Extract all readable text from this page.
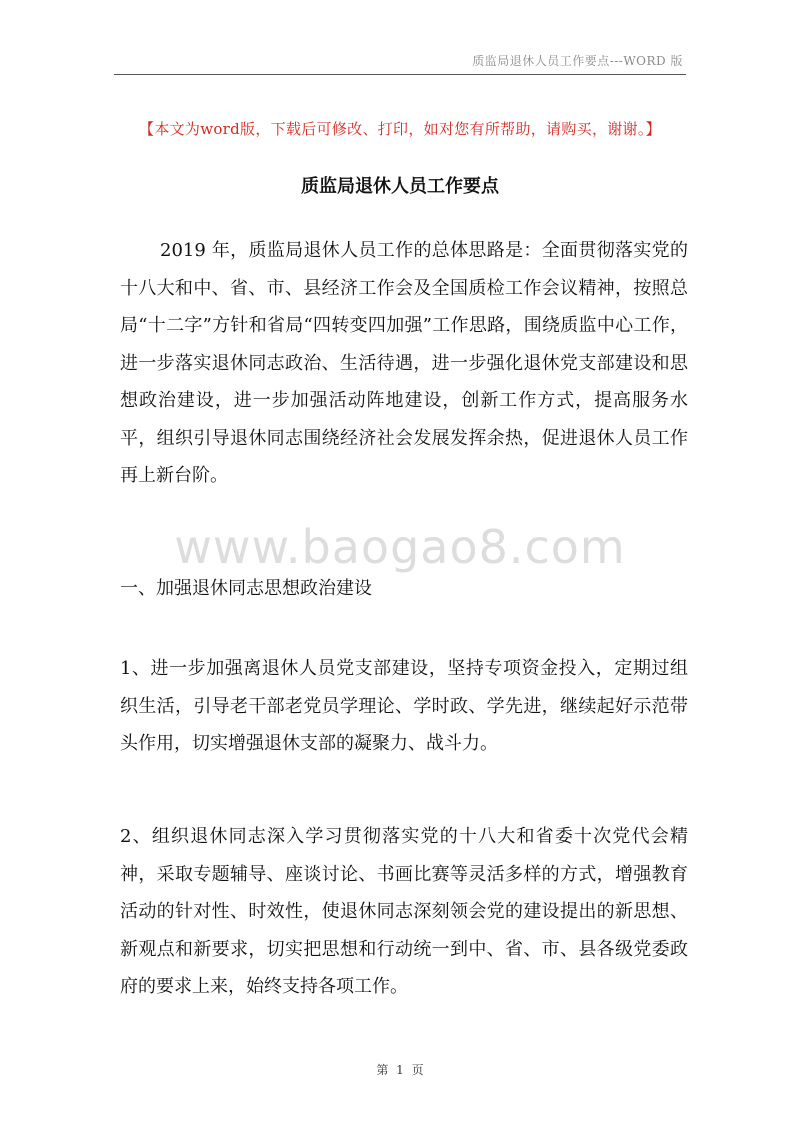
质监局退休人员工作要点---WORD 版
【本文为word版，下载后可修改、打印，如对您有所帮助，请购买，谢谢。】
质监局退休人员工作要点
2019 年，质监局退休人员工作的总体思路是：全面贯彻落实党的十八大和中、省、市、县经济工作会及全国质检工作会议精神，按照总局“十二字”方针和省局“四转变四加强”工作思路，围绕质监中心工作，进一步落实退休同志政治、生活待遇，进一步强化退休党支部建设和思想政治建设，进一步加强活动阵地建设，创新工作方式，提高服务水平，组织引导退休同志围绕经济社会发展发挥余热，促进退休人员工作再上新台阶。
www.baogao8.com
一、加强退休同志思想政治建设
1、进一步加强离退休人员党支部建设，坚持专项资金投入，定期过组织生活，引导老干部老党员学理论、学时政、学先进，继续起好示范带头作用，切实增强退休支部的凝聚力、战斗力。
2、组织退休同志深入学习贯彻落实党的十八大和省委十次党代会精神，采取专题辅导、座谈讨论、书画比赛等灵活多样的方式，增强教育活动的针对性、时效性，使退休同志深刻领会党的建设提出的新思想、新观点和新要求，切实把思想和行动统一到中、省、市、县各级党委政府的要求上来，始终支持各项工作。
第 1 页
